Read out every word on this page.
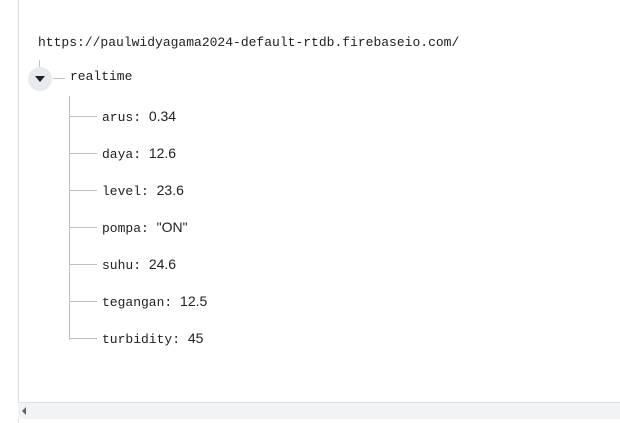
https://paulwidyagama2024-default-rtdb.firebaseio.com/
realtime
arus: 0.34
daya: 12.6
level: 23.6
pompa: "ON"
suhu: 24.6
tegangan: 12.5
turbidity: 45
